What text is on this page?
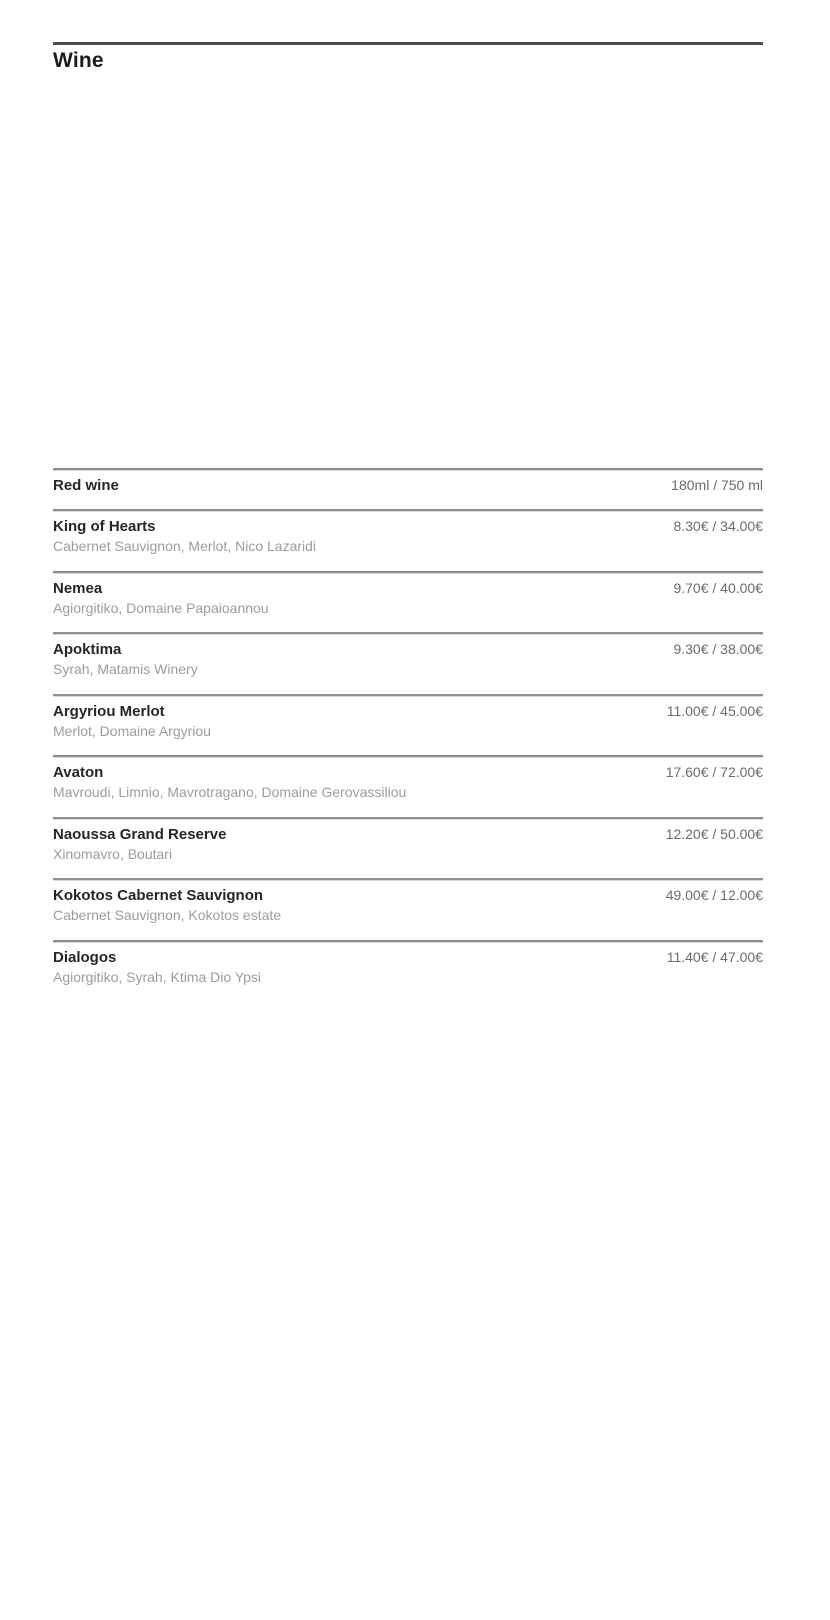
Wine
Red wine	180ml / 750 ml
King of Hearts	8.30€ / 34.00€
Cabernet Sauvignon, Merlot, Nico Lazaridi
Nemea	9.70€ / 40.00€
Agiorgitiko, Domaine Papaioannou
Apoktima	9.30€ / 38.00€
Syrah, Matamis Winery
Argyriou Merlot	11.00€ / 45.00€
Merlot, Domaine Argyriou
Avaton	17.60€ / 72.00€
Mavroudi, Limnio, Mavrotragano, Domaine Gerovassiliou
Naoussa Grand Reserve	12.20€ / 50.00€
Xinomavro, Boutari
Kokotos Cabernet Sauvignon	49.00€ / 12.00€
Cabernet Sauvignon, Kokotos estate
Dialogos	11.40€ / 47.00€
Agiorgitiko, Syrah, Ktima Dio Ypsi
